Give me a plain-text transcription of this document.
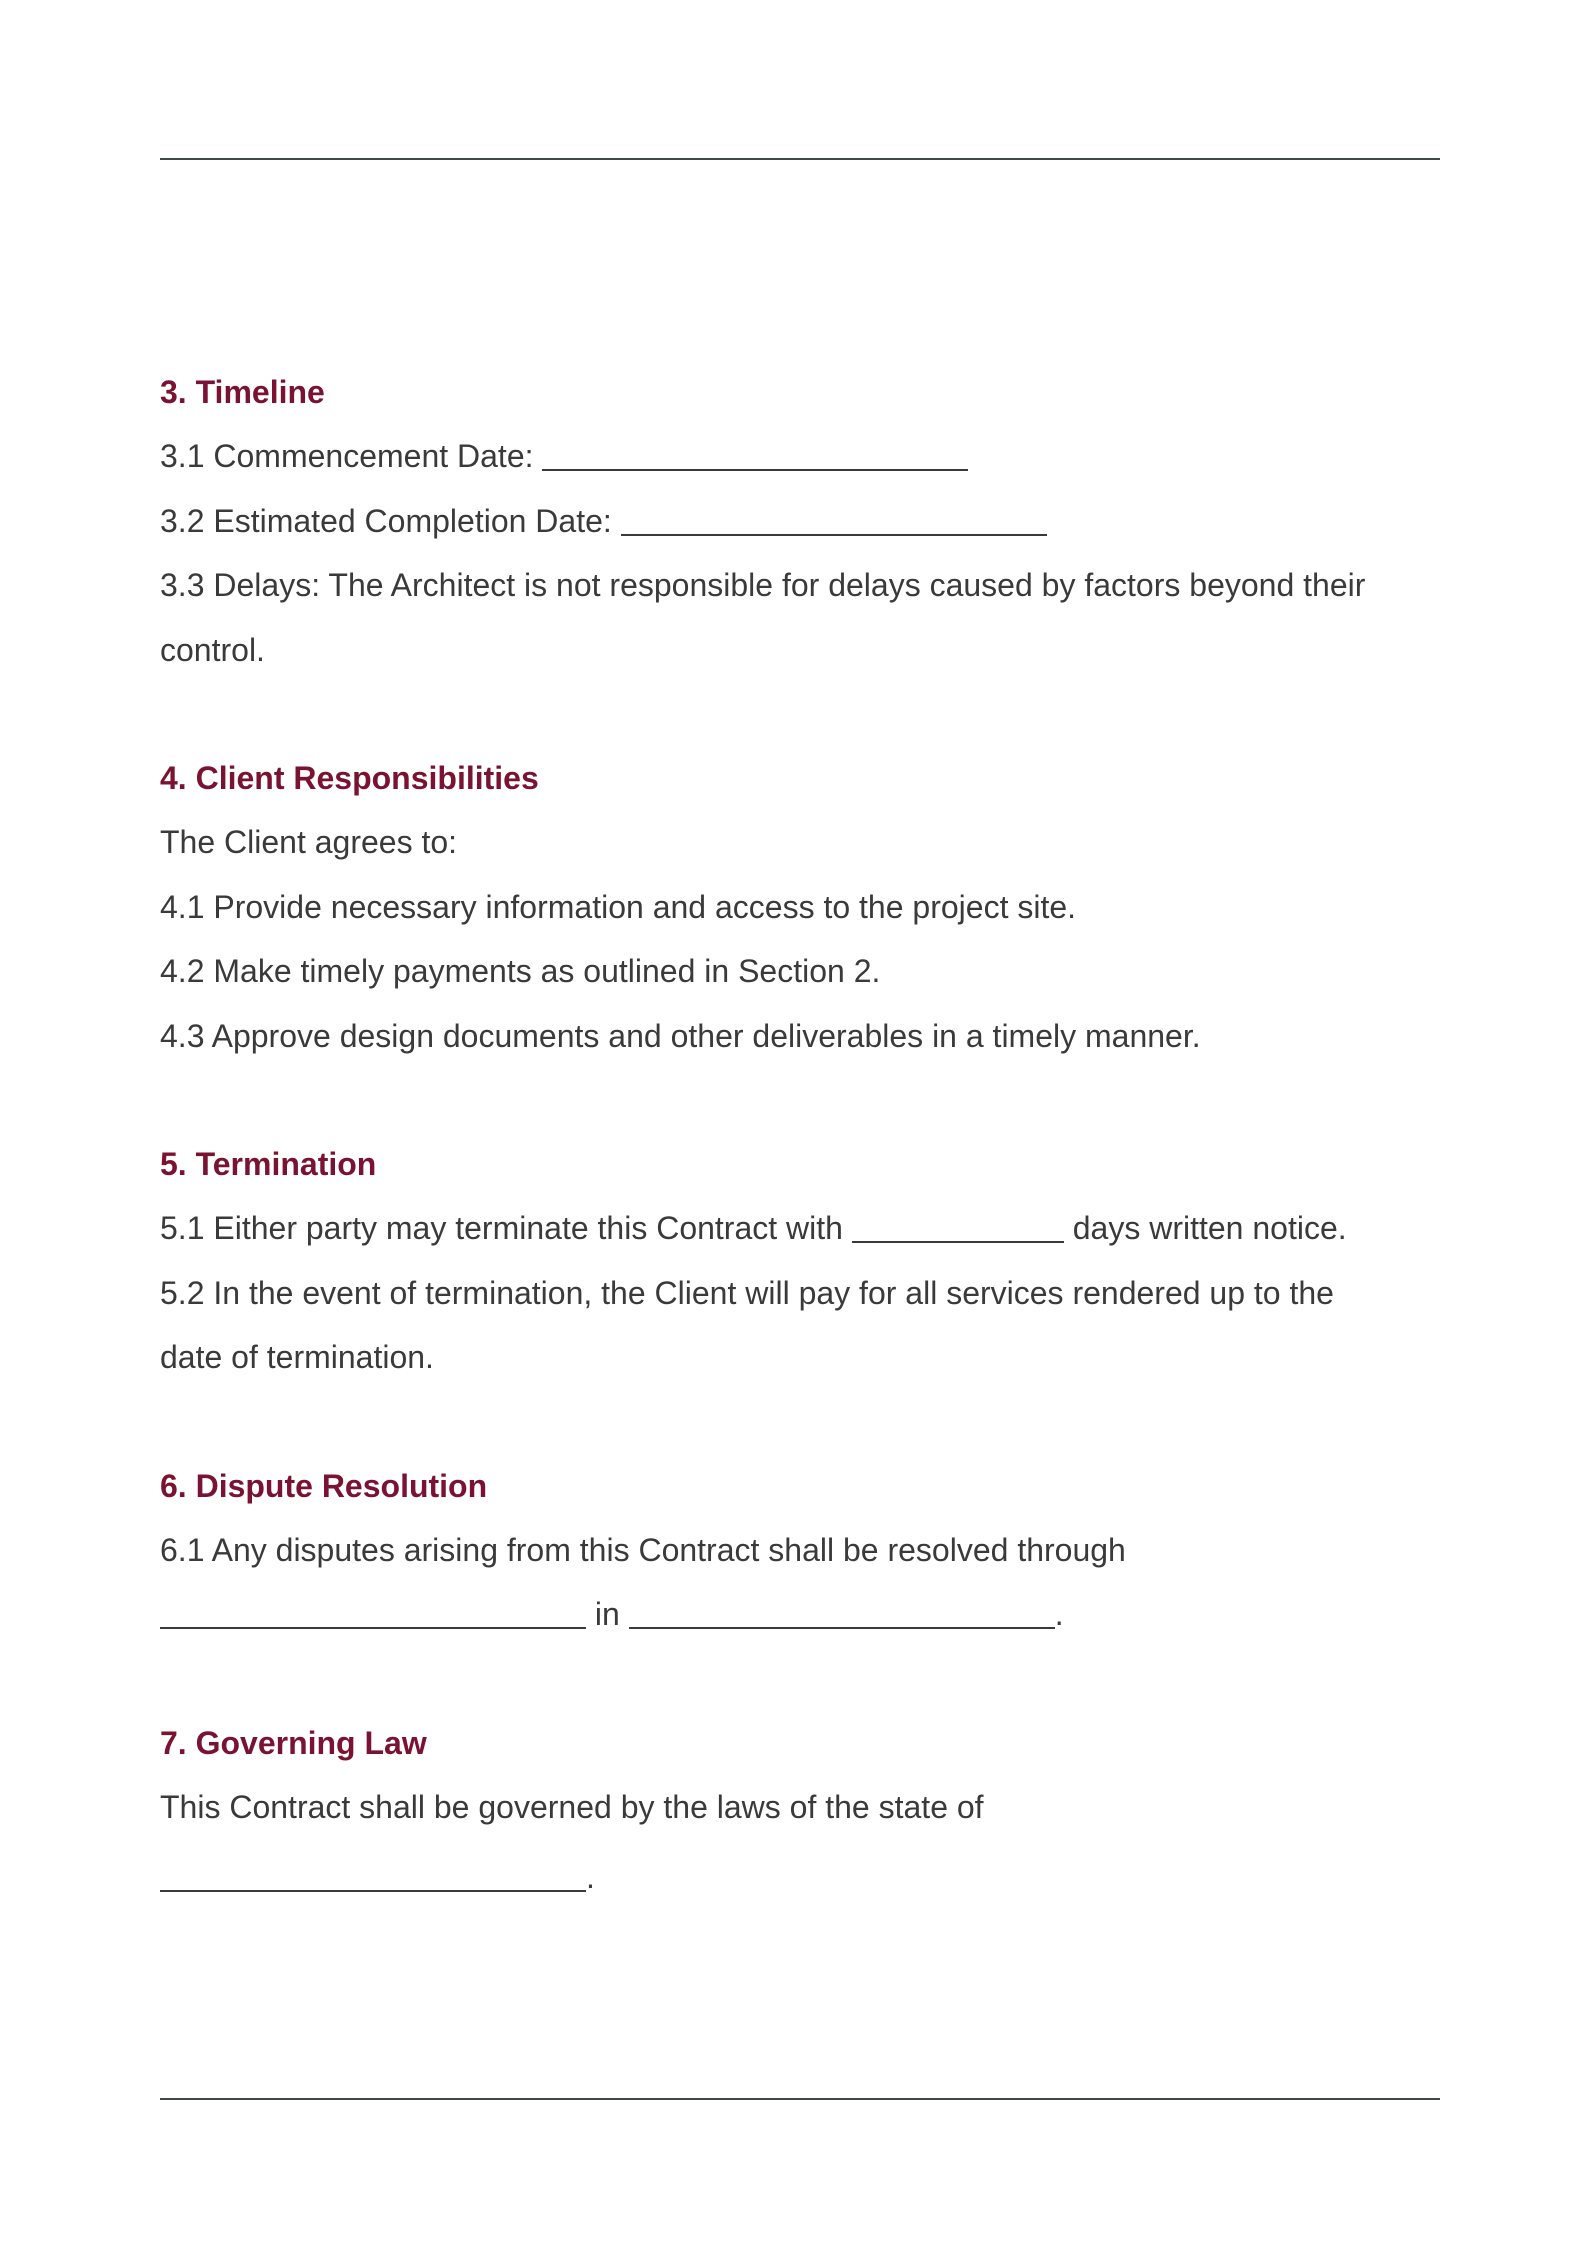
3. Timeline

3.1 Commencement Date:

3.2 Estimated Completion Date:

3.3 Delays: The Architect is not responsible for delays caused by factors beyond their

control.

4. Client Responsibilities

The Client agrees to:

4.1 Provide necessary information and access to the project site.

4.2 Make timely payments as outlined in Section 2.

4.3 Approve design documents and other deliverables in a timely manner.

5. Termination

5.1 Either party may terminate this Contract with	days written notice.

5.2 In the event of termination, the Client will pay for all services rendered up to the

date of termination.

6. Dispute Resolution

6.1 Any disputes arising from this Contract shall be resolved through

in	.

7. Governing Law

This Contract shall be governed by the laws of the state of

.
